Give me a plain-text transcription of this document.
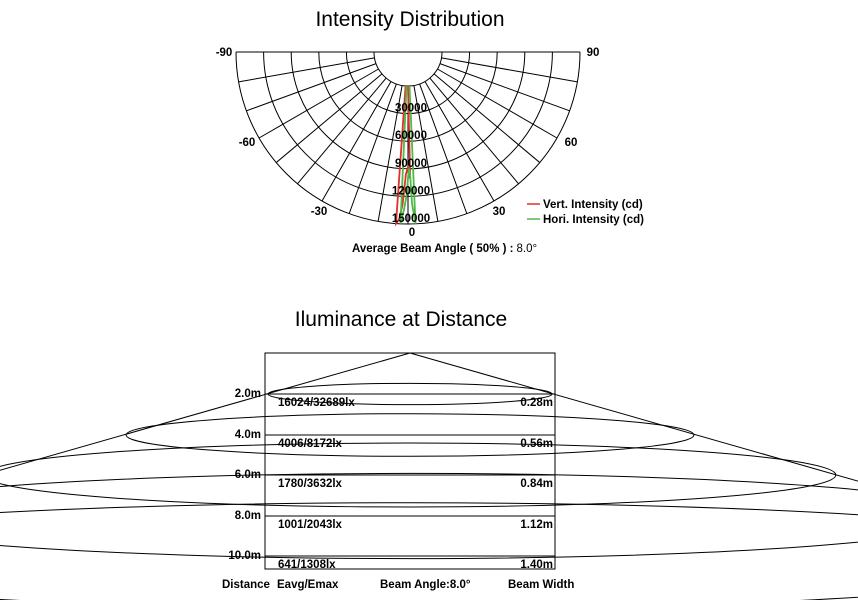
Intensity Distribution
-90
-60
-30
0
30
60
90
30000
60000
90000
120000
150000
Vert. Intensity (cd)
Hori. Intensity (cd)
Average Beam Angle ( 50% ) : 8.0°
Iluminance at Distance
2.0m
16024/32689lx	0.28m
4.0m
4006/8172lx	0.56m
6.0m
1780/3632lx	0.84m
8.0m
1001/2043lx	1.12m
10.0m
641/1308lx	1.40m
Distance Eavg/Emax	Beam Angle:8.0°	Beam Width
